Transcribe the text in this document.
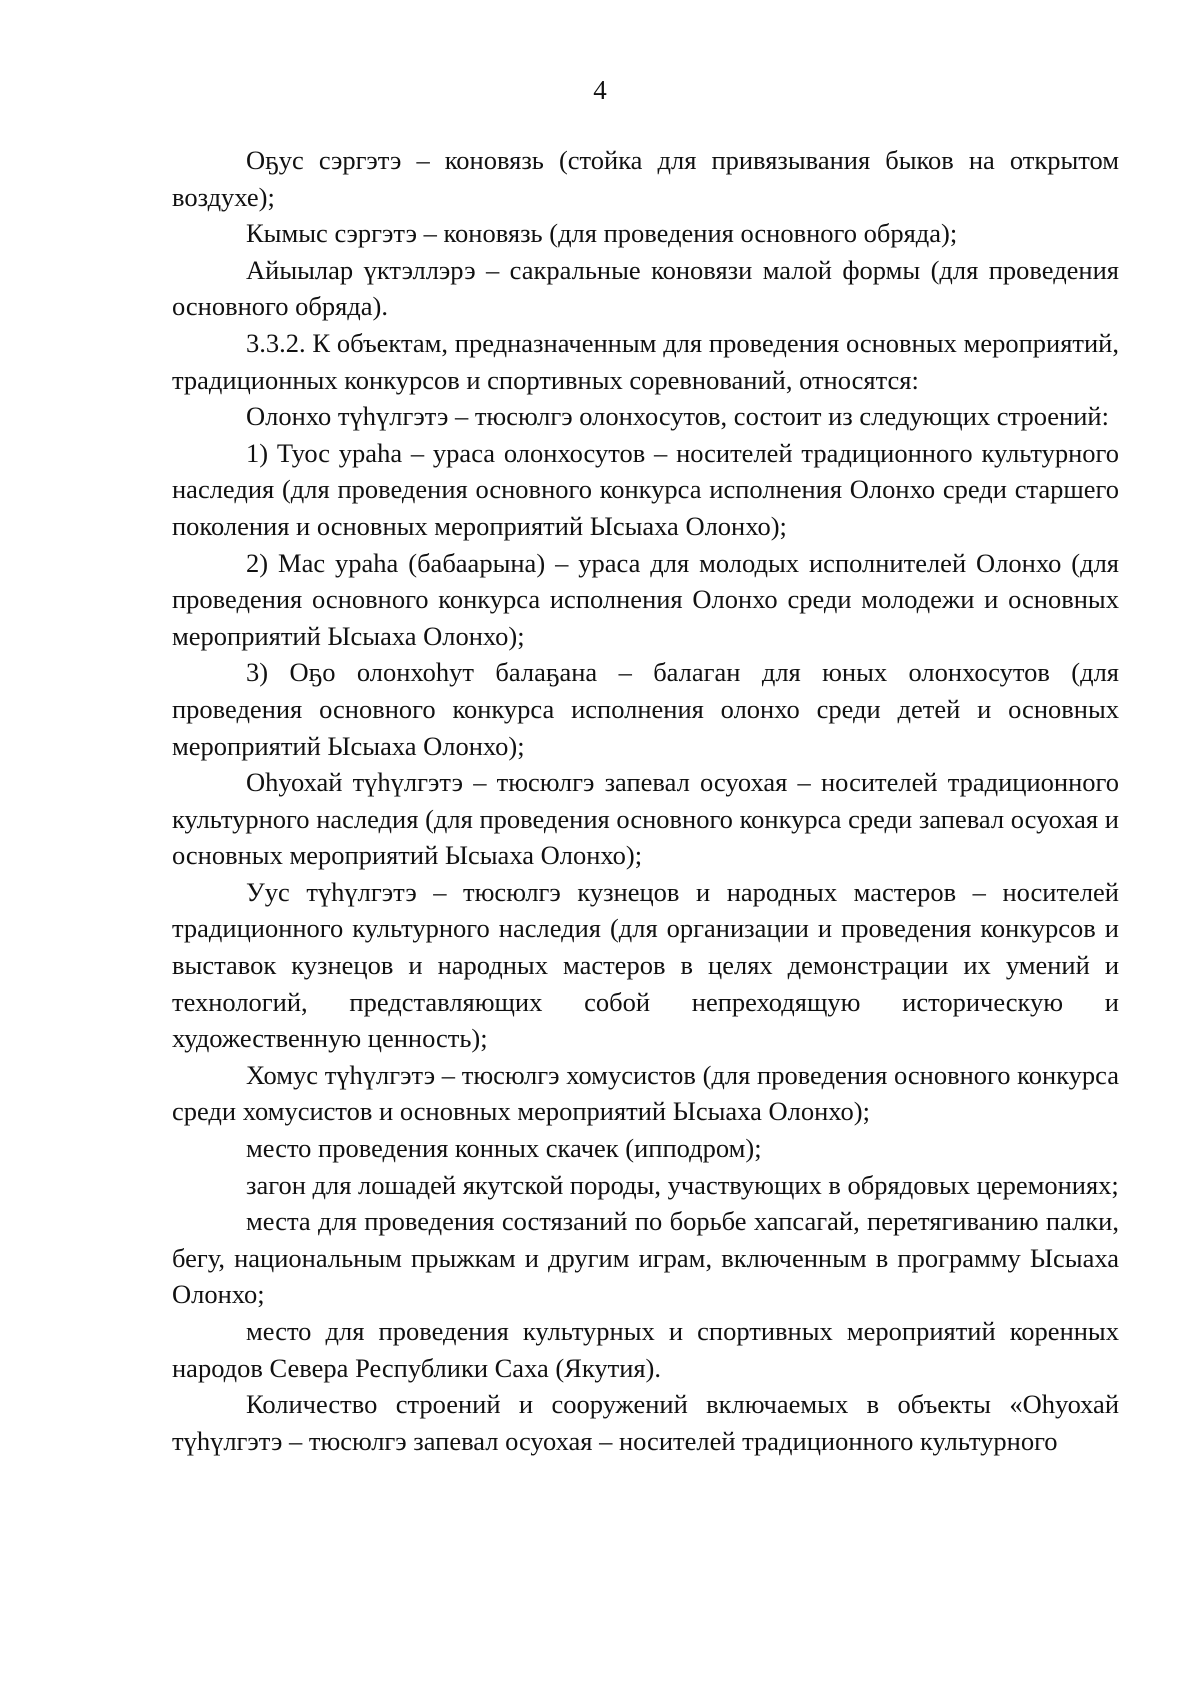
4

Оҕус сэргэтэ – коновязь (стойка для привязывания быков на открытом воздухе);

Кымыс сэргэтэ – коновязь (для проведения основного обряда);

Айыылар үктэллэрэ – сакральные коновязи малой формы (для проведения основного обряда).

3.3.2. К объектам, предназначенным для проведения основных мероприятий, традиционных конкурсов и спортивных соревнований, относятся:

Олонхо түһүлгэтэ – тюсюлгэ олонхосутов, состоит из следующих строений:

1) Туос ураһа – ураса олонхосутов – носителей традиционного культурного наследия (для проведения основного конкурса исполнения Олонхо среди старшего поколения и основных мероприятий Ысыаха Олонхо);

2) Мас ураһа (бабаарына) – ураса для молодых исполнителей Олонхо (для проведения основного конкурса исполнения Олонхо среди молодежи и основных мероприятий Ысыаха Олонхо);

3) Оҕо олонхоһут балаҕана – балаган для юных олонхосутов (для проведения основного конкурса исполнения олонхо среди детей и основных мероприятий Ысыаха Олонхо);

Оһуохай түһүлгэтэ – тюсюлгэ запевал осуохая – носителей традиционного культурного наследия (для проведения основного конкурса среди запевал осуохая и основных мероприятий Ысыаха Олонхо);

Уус түһүлгэтэ – тюсюлгэ кузнецов и народных мастеров – носителей традиционного культурного наследия (для организации и проведения конкурсов и выставок кузнецов и народных мастеров в целях демонстрации их умений и технологий, представляющих собой непреходящую историческую и художественную ценность);

Хомус түһүлгэтэ – тюсюлгэ хомусистов (для проведения основного конкурса среди хомусистов и основных мероприятий Ысыаха Олонхо);

место проведения конных скачек (ипподром);

загон для лошадей якутской породы, участвующих в обрядовых церемониях;

места для проведения состязаний по борьбе хапсагай, перетягиванию палки, бегу, национальным прыжкам и другим играм, включенным в программу Ысыаха Олонхо;

место для проведения культурных и спортивных мероприятий коренных народов Севера Республики Саха (Якутия).

Количество строений и сооружений включаемых в объекты «Оһуохай түһүлгэтэ – тюсюлгэ запевал осуохая – носителей традиционного культурного
